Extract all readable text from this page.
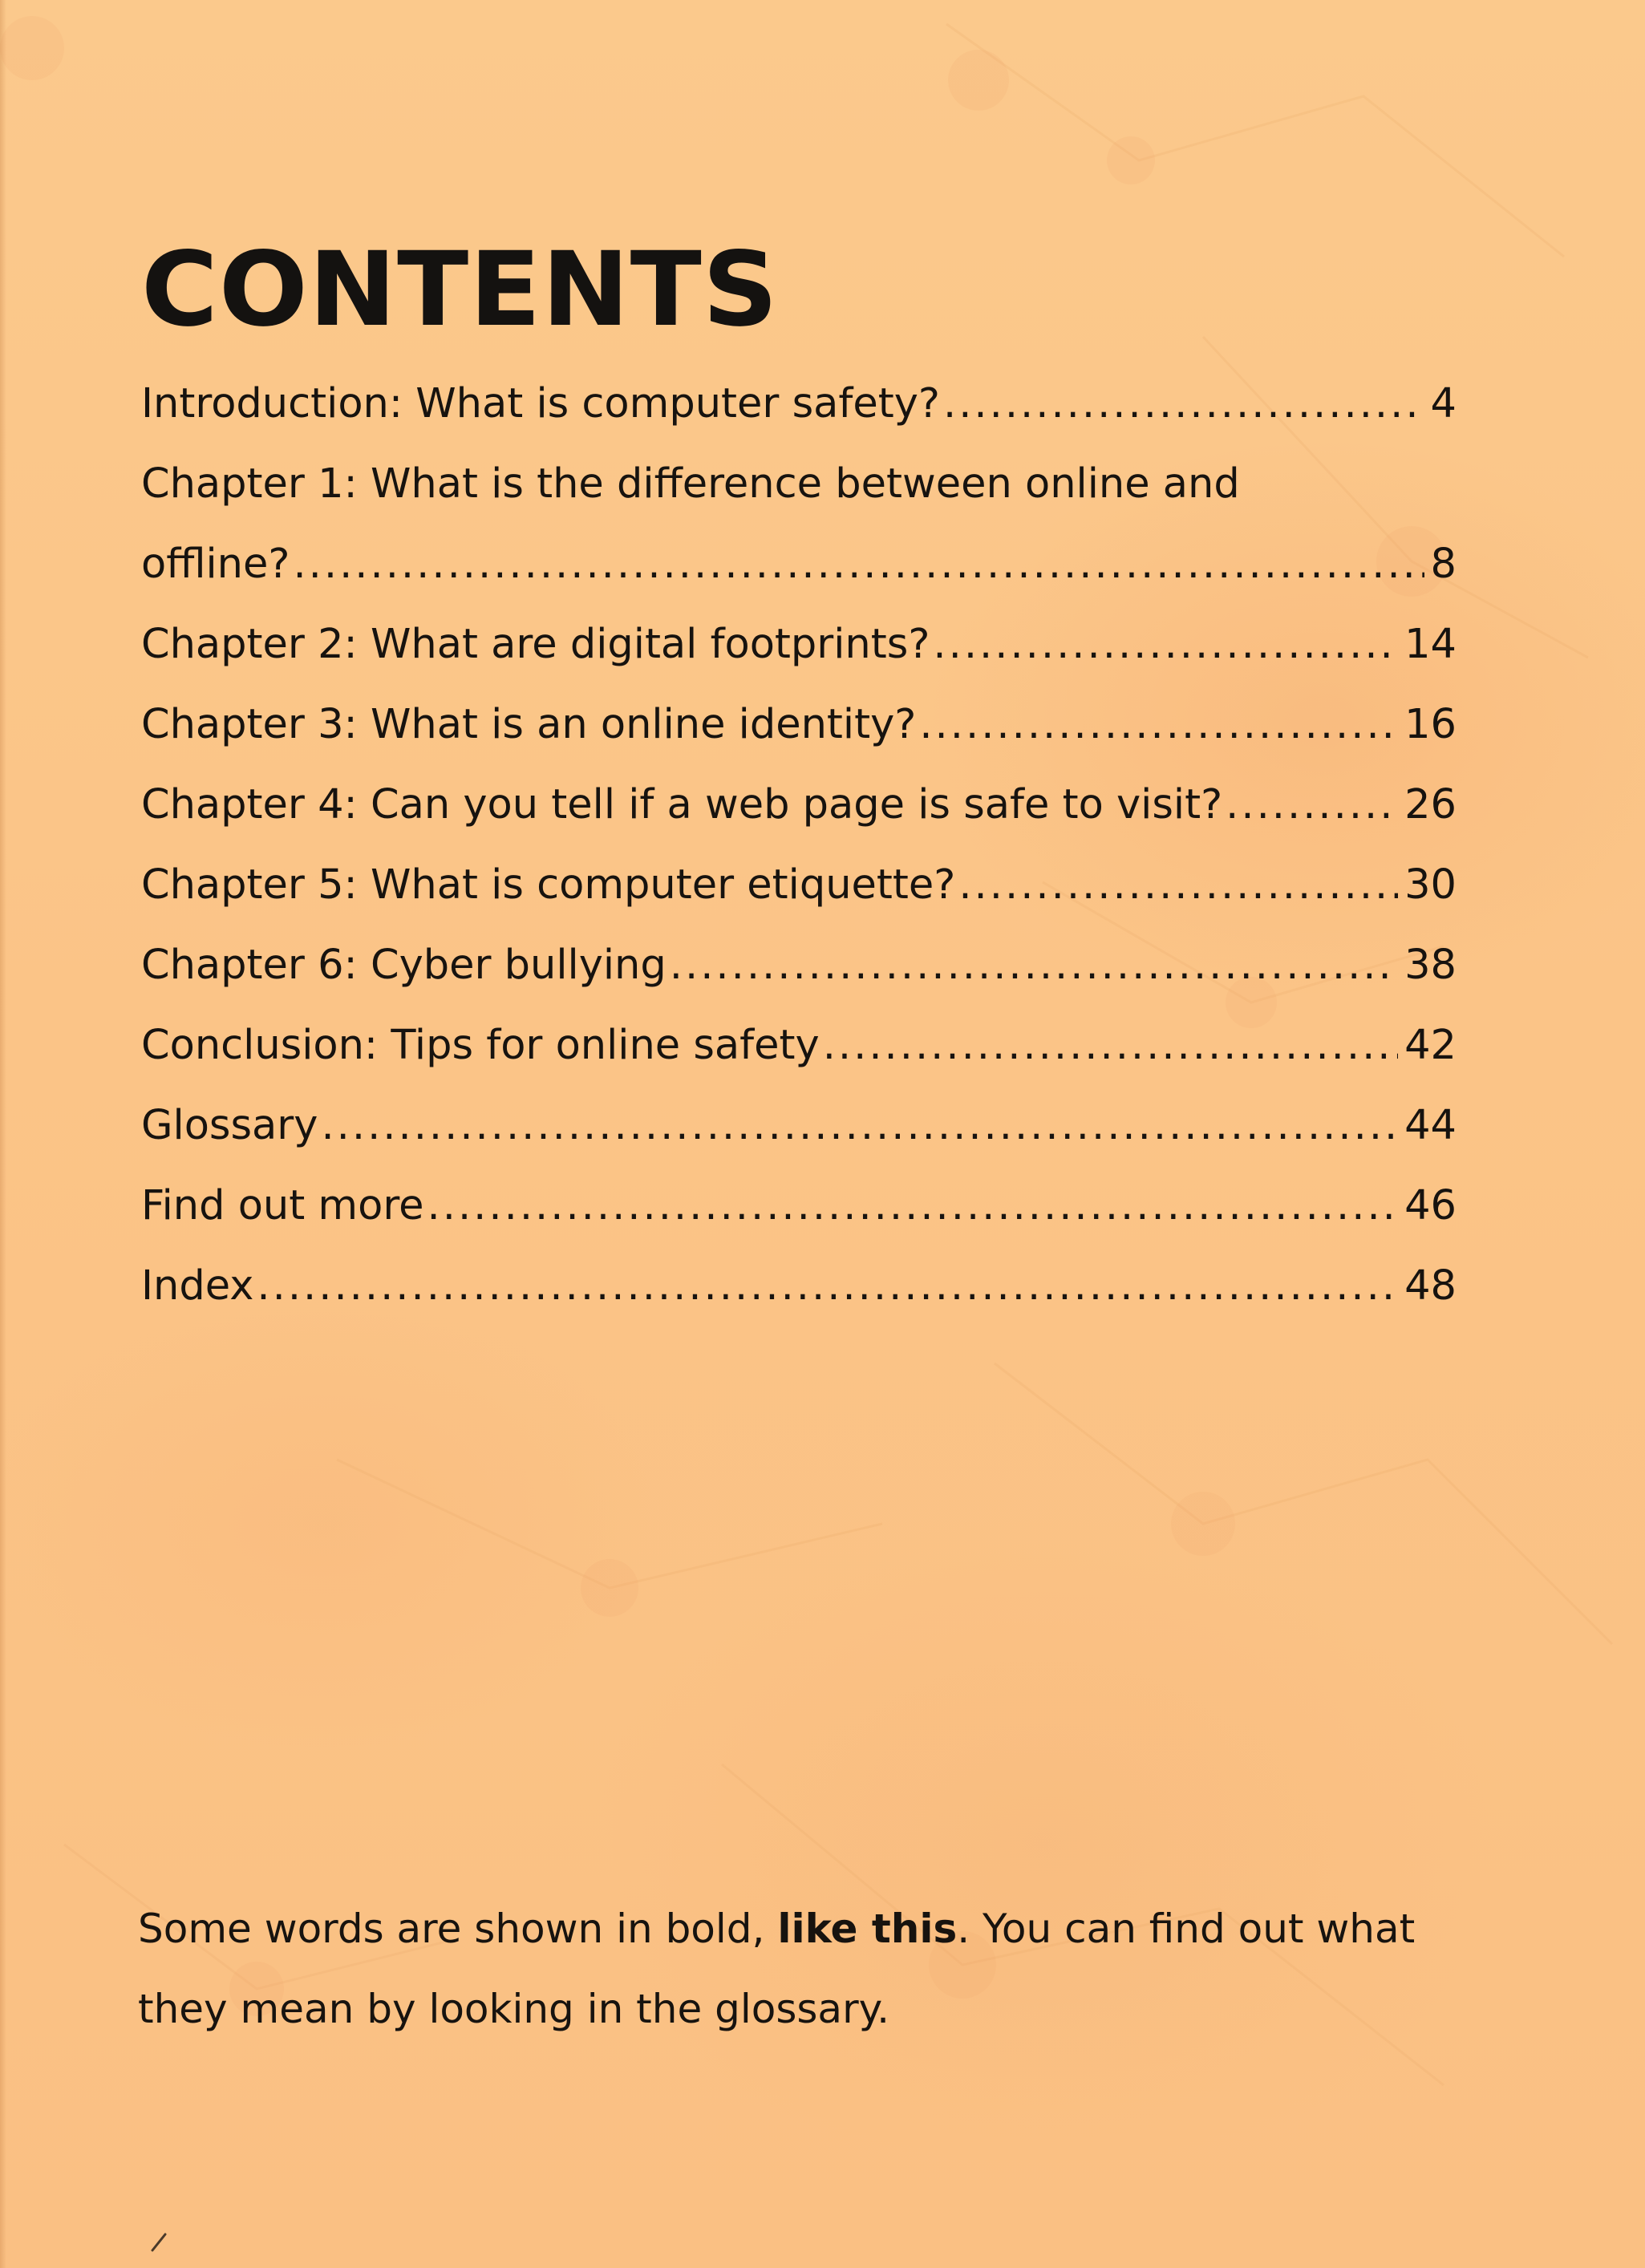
CONTENTS
Introduction: What is computer safety? .....	4
Chapter 1: What is the difference between online and
offline? .....	8
Chapter 2: What are digital footprints? .....	14
Chapter 3: What is an online identity? .....	16
Chapter 4: Can you tell if a web page is safe to visit? .....	26
Chapter 5: What is computer etiquette? .....	30
Chapter 6: Cyber bullying .....	38
Conclusion: Tips for online safety .....	42
Glossary .....	44
Find out more .....	46
Index .....	48

Some words are shown in bold, like this. You can find out what they mean by looking in the glossary.
